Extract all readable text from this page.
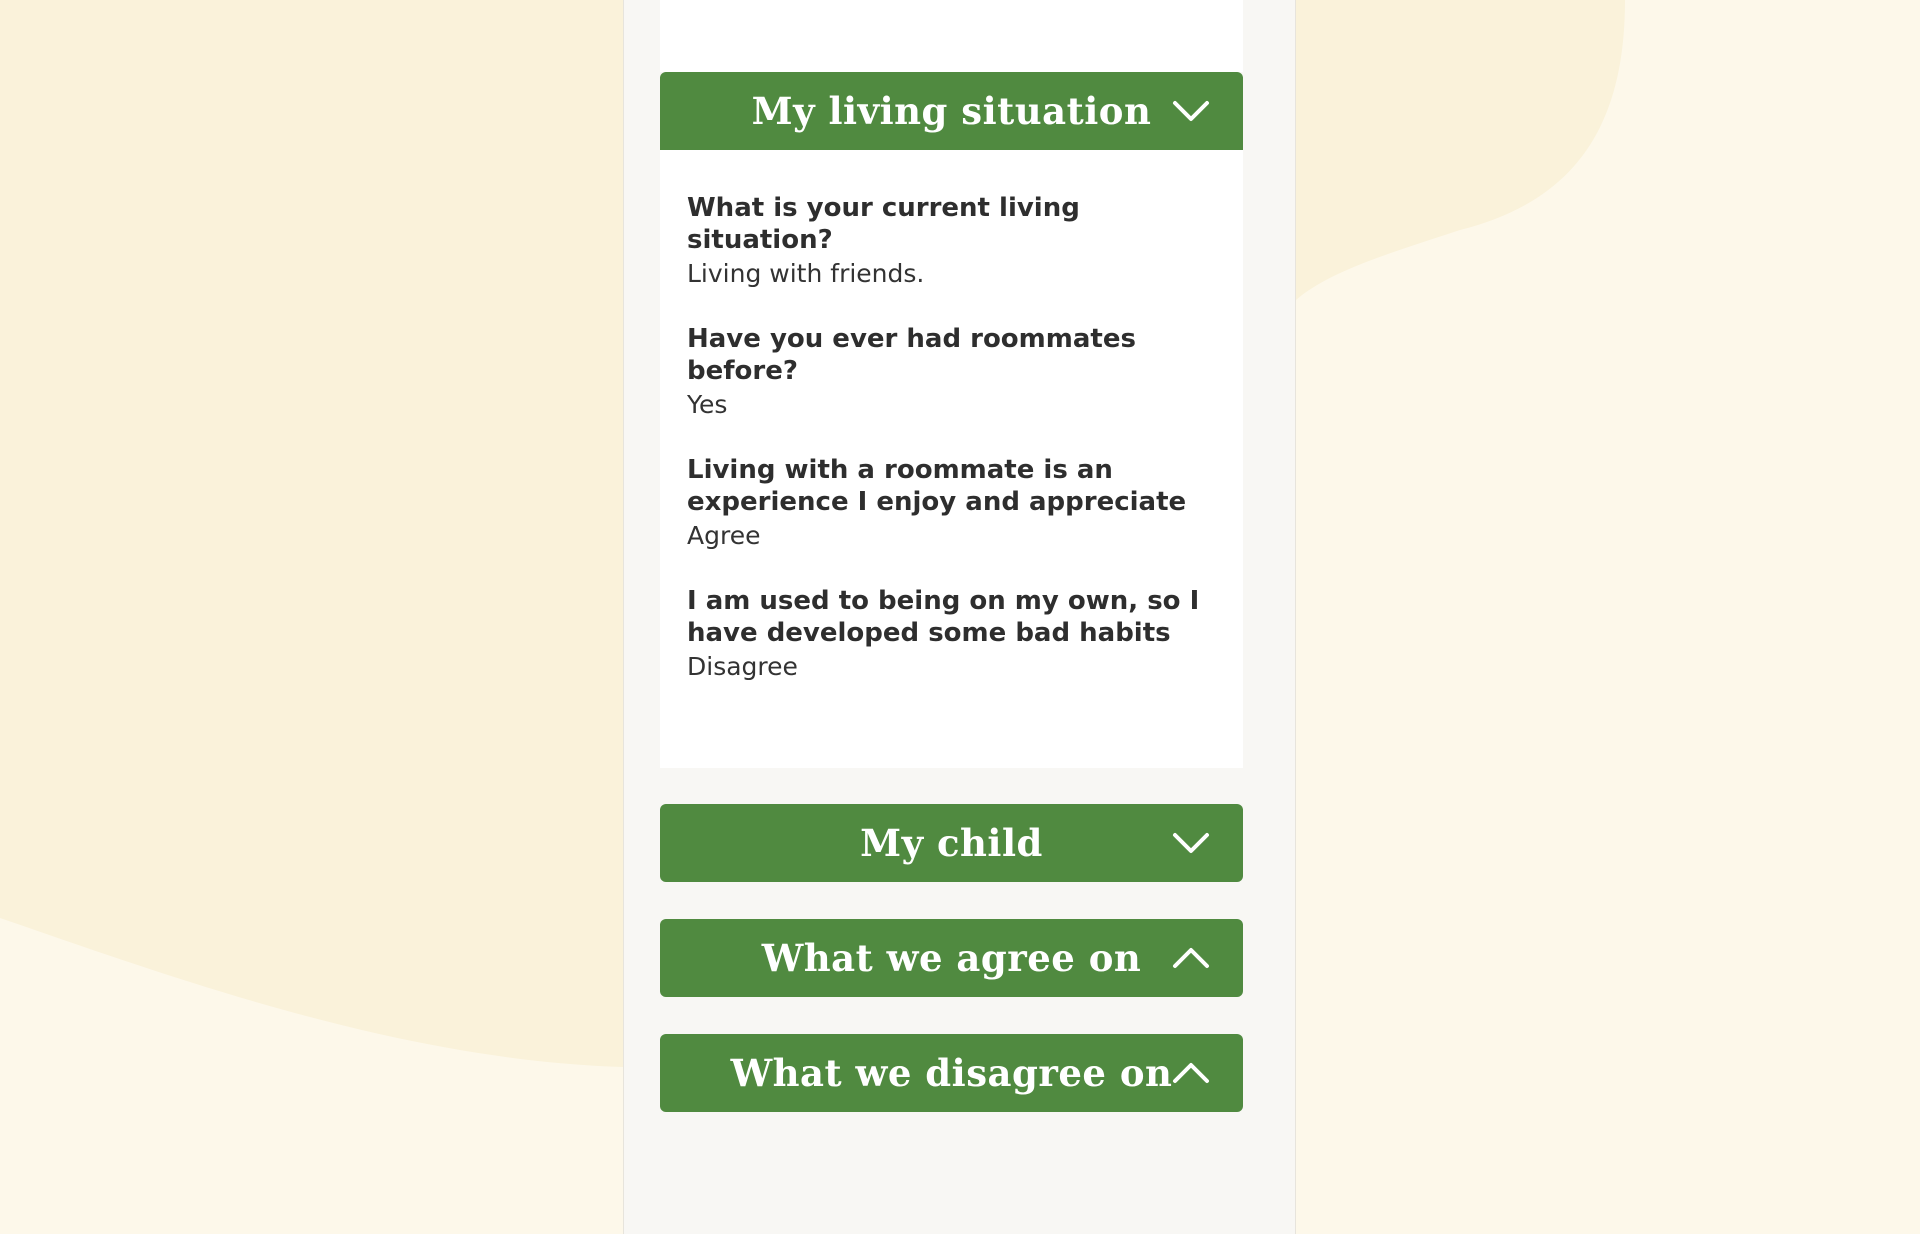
My living situation

What is your current living situation?

Living with friends.

Have you ever had roommates before?

Yes

Living with a roommate is an experience I enjoy and appreciate

Agree

I am used to being on my own, so I have developed some bad habits

Disagree

My child
What we agree on
What we disagree on
